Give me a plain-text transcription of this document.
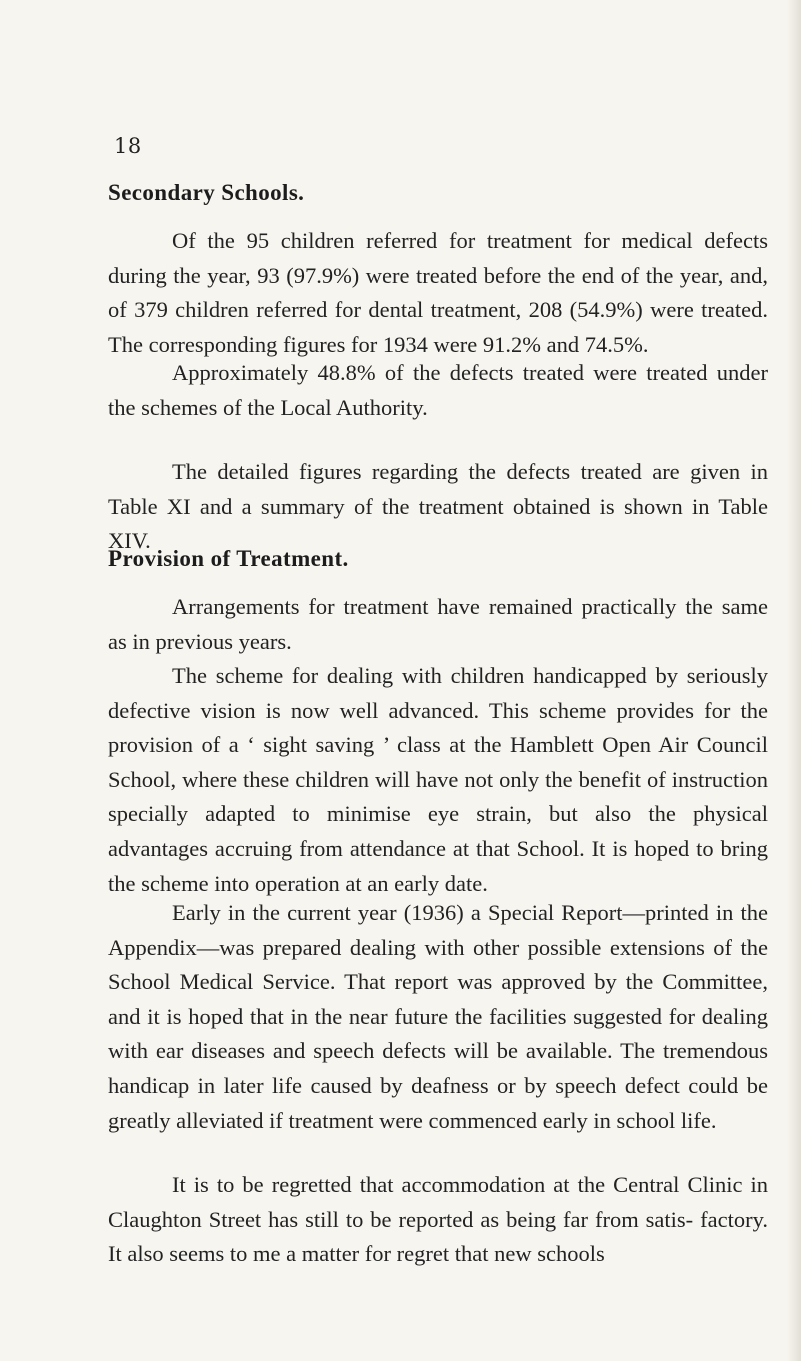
18
Secondary Schools.

Of the 95 children referred for treatment for medical defects during the year, 93 (97.9%) were treated before the end of the year, and, of 379 children referred for dental treatment, 208 (54.9%) were treated. The corresponding figures for 1934 were 91.2% and 74.5%.

Approximately 48.8% of the defects treated were treated under the schemes of the Local Authority.

The detailed figures regarding the defects treated are given in Table XI and a summary of the treatment obtained is shown in Table XIV.

Provision of Treatment.

Arrangements for treatment have remained practically the same as in previous years.

The scheme for dealing with children handicapped by seriously defective vision is now well advanced. This scheme provides for the provision of a ‘ sight saving ’ class at the Hamblett Open Air Council School, where these children will have not only the benefit of instruction specially adapted to minimise eye strain, but also the physical advantages accruing from attendance at that School. It is hoped to bring the scheme into operation at an early date.

Early in the current year (1936) a Special Report—printed in the Appendix—was prepared dealing with other possible extensions of the School Medical Service. That report was approved by the Committee, and it is hoped that in the near future the facilities suggested for dealing with ear diseases and speech defects will be available. The tremendous handicap in later life caused by deafness or by speech defect could be greatly alleviated if treatment were commenced early in school life.

It is to be regretted that accommodation at the Central Clinic in Claughton Street has still to be reported as being far from satis- factory. It also seems to me a matter for regret that new schools
